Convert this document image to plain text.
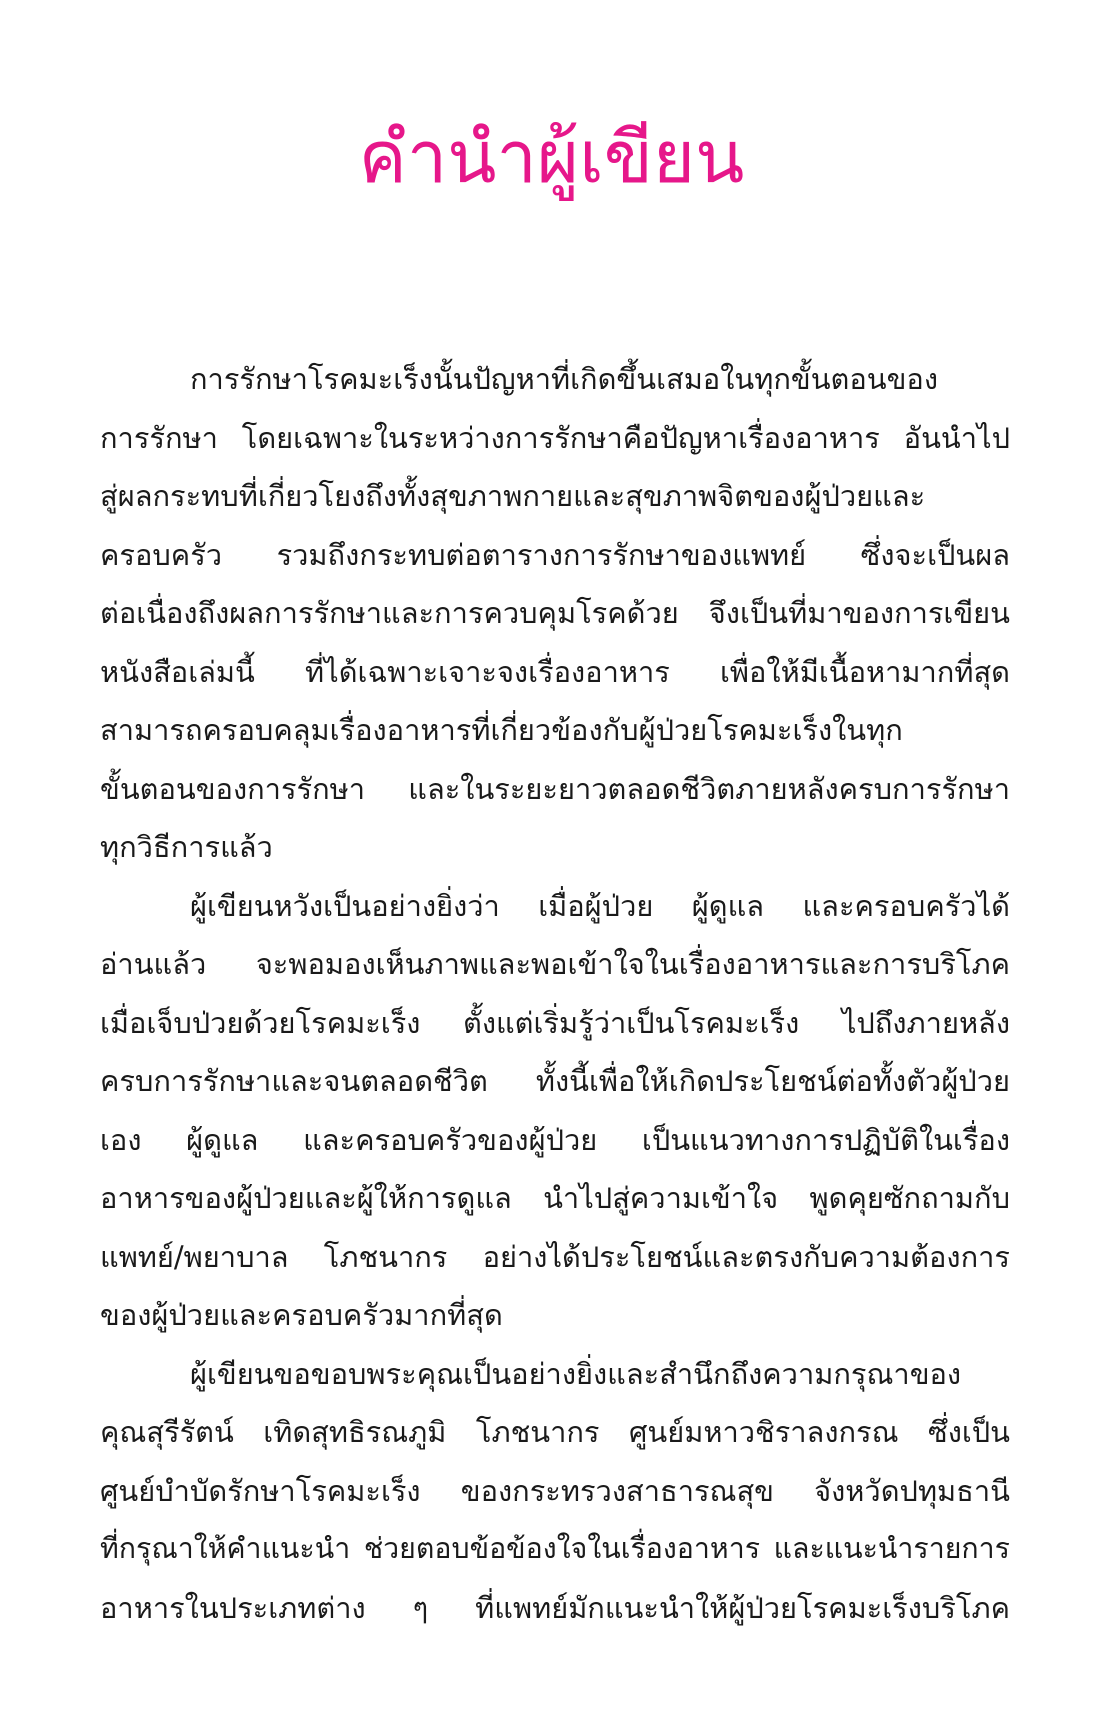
คำนำผู้เขียน
การรักษาโรคมะเร็งนั้นปัญหาที่เกิดขึ้นเสมอในทุกขั้นตอนของ
การรักษา โดยเฉพาะในระหว่างการรักษาคือปัญหาเรื่องอาหาร อันนำไป
สู่ผลกระทบที่เกี่ยวโยงถึงทั้งสุขภาพกายและสุขภาพจิตของผู้ป่วยและ
ครอบครัว รวมถึงกระทบต่อตารางการรักษาของแพทย์ ซึ่งจะเป็นผล
ต่อเนื่องถึงผลการรักษาและการควบคุมโรคด้วย จึงเป็นที่มาของการเขียน
หนังสือเล่มนี้ ที่ได้เฉพาะเจาะจงเรื่องอาหาร เพื่อให้มีเนื้อหามากที่สุด
สามารถครอบคลุมเรื่องอาหารที่เกี่ยวข้องกับผู้ป่วยโรคมะเร็งในทุก
ขั้นตอนของการรักษา และในระยะยาวตลอดชีวิตภายหลังครบการรักษา
ทุกวิธีการแล้ว
ผู้เขียนหวังเป็นอย่างยิ่งว่า เมื่อผู้ป่วย ผู้ดูแล และครอบครัวได้
อ่านแล้ว จะพอมองเห็นภาพและพอเข้าใจในเรื่องอาหารและการบริโภค
เมื่อเจ็บป่วยด้วยโรคมะเร็ง ตั้งแต่เริ่มรู้ว่าเป็นโรคมะเร็ง ไปถึงภายหลัง
ครบการรักษาและจนตลอดชีวิต ทั้งนี้เพื่อให้เกิดประโยชน์ต่อทั้งตัวผู้ป่วย
เอง ผู้ดูแล และครอบครัวของผู้ป่วย เป็นแนวทางการปฏิบัติในเรื่อง
อาหารของผู้ป่วยและผู้ให้การดูแล นำไปสู่ความเข้าใจ พูดคุยซักถามกับ
แพทย์/พยาบาล โภชนากร อย่างได้ประโยชน์และตรงกับความต้องการ
ของผู้ป่วยและครอบครัวมากที่สุด
ผู้เขียนขอขอบพระคุณเป็นอย่างยิ่งและสำนึกถึงความกรุณาของ
คุณสุรีรัตน์ เทิดสุทธิรณภูมิ โภชนากร ศูนย์มหาวชิราลงกรณ ซึ่งเป็น
ศูนย์บำบัดรักษาโรคมะเร็ง ของกระทรวงสาธารณสุข จังหวัดปทุมธานี
ที่กรุณาให้คำแนะนำ ช่วยตอบข้อข้องใจในเรื่องอาหาร และแนะนำรายการ
อาหารในประเภทต่าง ๆ ที่แพทย์มักแนะนำให้ผู้ป่วยโรคมะเร็งบริโภค
